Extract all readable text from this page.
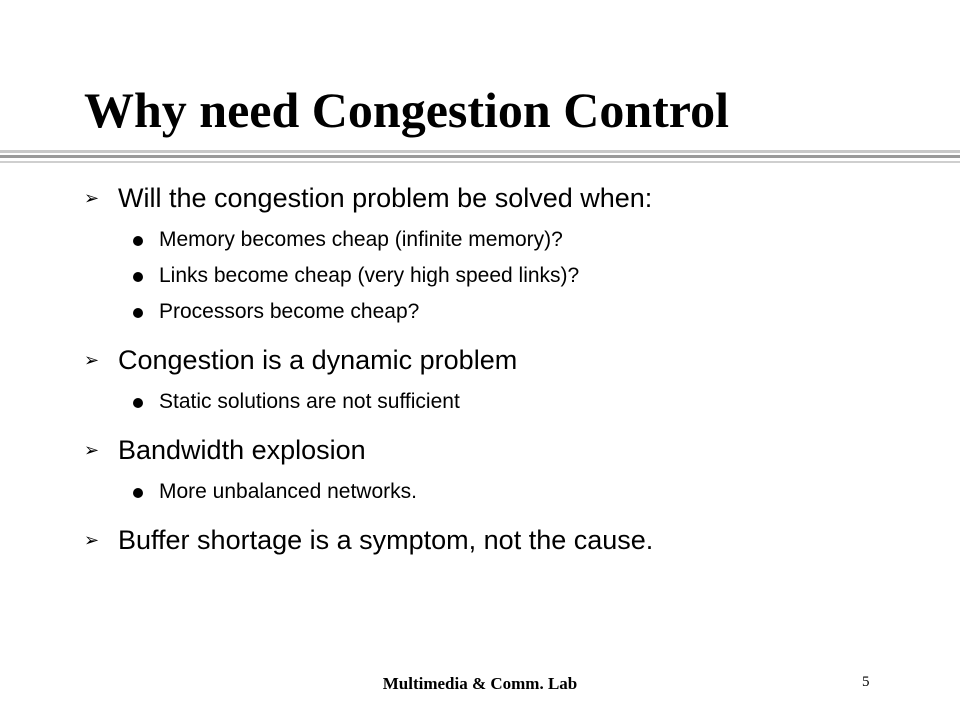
Why need Congestion Control
➢ Will the congestion problem be solved when:
Memory becomes cheap (infinite memory)?
Links become cheap (very high speed links)?
Processors become cheap?
➢ Congestion is a dynamic problem
Static solutions are not sufficient
➢ Bandwidth explosion
More unbalanced networks.
➢ Buffer shortage is a symptom, not the cause.
Multimedia & Comm. Lab	5
